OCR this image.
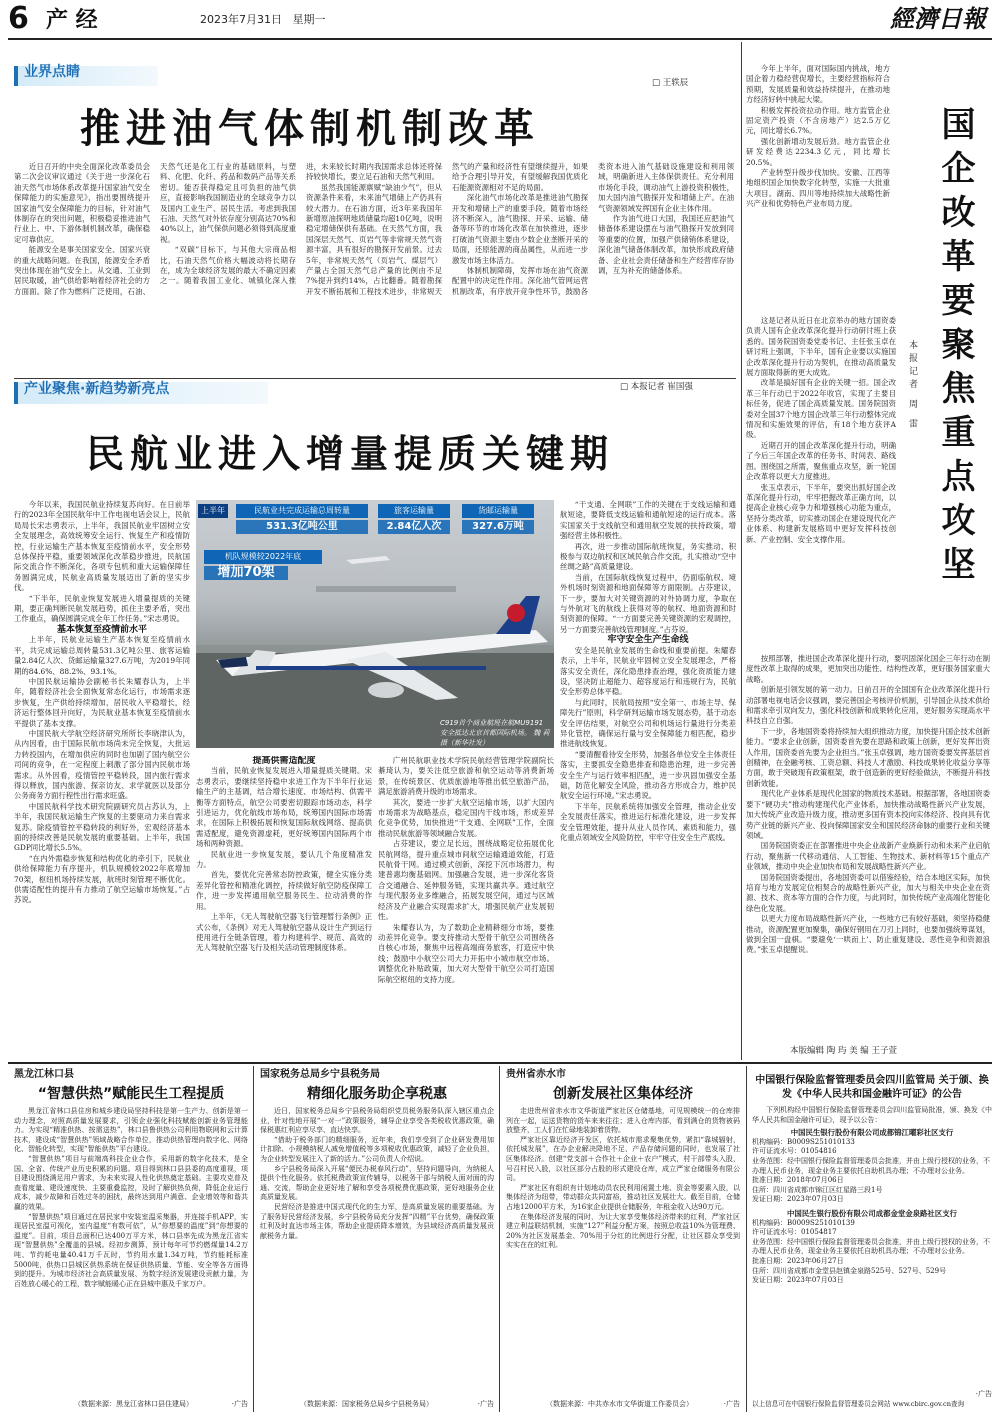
6 产 经	2023年7月31日 星期一	經濟日報
业界点睛
□ 王轶辰
推进油气体制机制改革

近日召开的中央全面深化改革委员会第二次会议审议通过《关于进一步深化石油天然气市场体系改革提升国家油气安全保障能力的实施意见》，指出要围绕提升国家油气安全保障能力的目标，针对油气体制存在的突出问题，积极稳妥推进油气行业上、中、下游体制机制改革，确保稳定可靠供应。

能源安全是事关国家安全、国家兴衰的重大战略问题。在我国，能源安全矛盾突出体现在油气安全上。从交通、工业到居民取暖，油气供给影响着经济社会的方方面面。除了作为燃料广泛使用，石油、天然气还是化工行业的基础原料，与塑料、化肥、化纤、药品和数码产品等关系密切。能否获得稳定且可负担的油气供应，直接影响我国制造业的全球竞争力以及国内工业生产、居民生活。考虑到我国石油、天然气对外依存度分别高达70%和40%以上，油气保供问题必须得到高度重视。

“双碳”目标下，与其他大宗商品相比，石油天然气价格大幅波动将长期存在，成为全球经济发展的最大不确定因素之一。随着我国工业化、城镇化深入推进，未来较长时期内我国需求总体还将保持较快增长，要立足石油和天然气利用。

虽然我国能源禀赋“缺油少气”，但从资源条件来看，未来油气增储上产仍具有较大潜力。在石油方面，近3年来我国年新增原油探明地质储量均超10亿吨，说明稳定增储保供有基础。在天然气方面，我国深层天然气、页岩气等非常规天然气资源丰富，具有很好的勘探开发前景。过去5年，非常规天然气（页岩气、煤层气）产量占全国天然气总产量的比例由不足7%提升到约14%，占比翻番。随着勘探开发不断拓展和工程技术进步，非常规天然气的产量和经济性有望继续提升，如果给予合理引导开发，有望缓解我国优质化石能源资源相对不足的局面。

深化油气市场化改革是推进油气勘探开发和增储上产的重要手段。随着市场经济不断深入，油气勘探、开采、运输、储备等环节的市场化改革在加快推进，逐步打破油气资源主要由少数企业垄断开采的局面，还原能源的商品属性，从而进一步激发市场主体活力。

体制机制障碍，发挥市场在油气资源配置中的决定性作用。深化油气管网运营机制改革，有序放开竞争性环节，鼓励各类资本进入油气基础设施建设和利用领域，明确新进入主体保供责任。充分利用市场化手段，调动油气上游投资积极性，加大国内油气勘探开发和增储上产。在油气资源领域发挥国有企业主体作用。

作为油气进口大国，我国还应把油气储备体系建设摆在与油气勘探开发放到同等重要的位置，加强产供储销体系建设，深化油气储备体制改革，加快形成政府储备、企业社会责任储备和生产经营库存协调，互为补充的储备体系。

产业聚焦·新趋势新亮点	□ 本报记者 崔国强
民航业进入增量提质关键期
上半年	民航业共完成运输总周转量
531.3亿吨公里
旅客运输量
2.84亿人次
货邮运输量
327.6万吨
机队规模较2022年底
增加70架
C919首个商业航班在航MU9191安全抵达北京首都国际机场。 魏 莉摄（新华社发）

今年以来，我国民航业持续复苏向好。在日前举行的2023年全国民航年中工作电视电话会议上，民航局局长宋志勇表示，上半年，我国民航业牢固树立安全发展理念，高效统筹安全运行、恢复生产和疫情防控，行业运输生产基本恢复至疫情前水平，安全形势总体保持平稳，重要领域深化改革稳步推进，民航国际交流合作不断深化，各项专包机和重大运输保障任务圆满完成，民航业高质量发展迈出了新的坚实步伐。

“下半年，民航业恢复发展进入增量提质的关键期，要正确判断民航发展趋势，抓住主要矛盾，突出工作重点，确保圆满完成全年工作任务。”宋志勇说。

基本恢复至疫情前水平

上半年，民航业运输生产基本恢复至疫情前水平，共完成运输总周转量531.3亿吨公里、旅客运输量2.84亿人次、货邮运输量327.6万吨，为2019年同期的84.6%、88.2%、93.1%。

中国民航运输协会副秘书长朱耀春认为，上半年，随着经济社会全面恢复常态化运行，市场需求逐步恢复，生产供给持续增加，居民收入平稳增长，经济运行整体回升向好，为民航业基本恢复至疫情前水平提供了基本支撑。

中国民航大学航空经济研究所所长李晓津认为，从内因看，由于国际民航市场尚未完全恢复，大批运力转投国内，在增加供应的同时也加剧了国内航空公司间的竞争，在一定程度上刺激了部分国内民航市场需求。从外因看，疫情管控平稳转段，国内旅行需求得以释放，国内旅游、探亲访友、求学就医以及部分公务商务方面行程性出行需求旺盛。

中国民航科学技术研究院副研究员占苏认为，上半年，我国民航运输生产恢复的主要驱动力来自需求复苏。除疫情管控平稳转段的利好外，宏观经济基本面的持续改善是民航发展的重要基础。上半年，我国GDP同比增长5.5%。

“在内外需稳步恢复和结构优化的牵引下，民航业供给保障能力有序提升，机队规模较2022年底增加70架，枢纽机场持续发展，航班时刻管理不断优化。供需适配性的提升有力推动了航空运输市场恢复。”占苏说。

提高供需适配度

当前，民航业恢复发展进入增量提质关键期。宋志勇表示，要继续坚持稳中求进工作为下半年行业运输生产的主基调，结合增长速度、市场结构、供需平衡等方面特点，航空公司要密切跟踪市场动态，科学引进运力，优化航线市场布局，统筹国内国际市场需求，在国际上积极拓展和恢复国际航线网络、提高供需适配度，避免资源虚耗，更好统筹国内国际两个市场和两种资源。

民航业进一步恢复发展，要认几个角度精准发力。

首先，要优化完善常态防控政策，健全实施分类差异化管控和精准化调控，持续做好航空防疫保障工作，进一步发挥通用航空服务民生、拉动消费的作用。

上半年，《无人驾驶航空器飞行管理暂行条例》正式公布，《条例》对无人驾驶航空器从设计生产到运行使用进行全链条管理，着力构建科学、规范、高效的无人驾驶航空器飞行及相关活动管理制度体系。

广州民航职业技术学院民航经营管理学院副院长綦琦认为，要关注低空旅游和航空运动等消费新场景，在传统景区、优质旅游地等推出低空旅游产品，满足旅游消费升级的市场需求。

其次，要进一步扩大航空运输市场，以扩大国内市场需求为战略基点，稳定国内干线市场，形成差异化竞争优势，加快推进“干支通、全网联”工作，全面推动民航旅游等领域融合发展。

占芬建议，要立足长远，围绕战略定位拓展优化民航网络，提升重点城市间航空运输通道效能，打造民航骨干网。通过模式创新，深挖下沉市场潜力，构建普惠均衡基础网。加强融合发展，进一步深化客货合交通融合、延伸服务链，实现共赢共享。通过航空与现代服务业多维融合，拓展发展空间，通过与区域经济及产业融合实现需求扩大，增强民航产业发展韧性。

朱耀春认为，为了数助企业精耕细分市场，要推动差异化竞争。要支持推动大型骨干航空公司围绕各自核心市场，聚焦中远程高端商务旅客，打造应中快线；鼓励中小航空公司大力开拓中小城市航空市场。调整优化补贴政策，加大对大型骨干航空公司打造国际航空枢纽的支持力度。

“干支通、全网联”工作的关键在于支线运输和通航短途，要降低支线运输和通航短途的运行成本。落实国家关于支线航空和通用航空发展的扶持政策，增强经营主体积极性。

再次，进一步推动国际航班恢复，务实推动、积极参与双边航权和区域民航合作交流，扎实推动“空中丝绸之路”高质量建设。

当前，在国际航线恢复过程中，仍面临航权、境外机场时刻资源和地面保障等方面限制。占芬建议，下一步，要加大对关键资源的对外协调力度，争取在与外航对飞的航线上获得对等的航权、地面资源和时刻资源的保障。“一方面要完善关键资源的宏观调控，另一方面要完善航线管理制度。”占芬说。

牢守安全生产生命线

安全是民航业发展的生命线和重要前提。朱耀春表示，上半年，民航业牢固树立安全发展理念，严格落实安全责任，深化隐患排查治理，强化资质能力建设，坚决防止超能力、超容度运行和违规行为，民航安全形势总体平稳。

与此同时，民航局按照“安全第一、市场主导、保障先行”原则，科学研判运输市场发展态势，基于动态安全评估结果，对航空公司和机场运行量进行分类差异化管控，确保运行量与安全保障能力相匹配，稳步推进航线恢复。

“要清醒看待安全形势，加强各单位安全主体责任落实，主要抓安全隐患排查和隐患治理，进一步完善安全生产与运行效率相匹配，进一步巩固加强安全基础，防范化解安全风险，推动各方形成合力，维护民航安全运行环境。”宋志勇说。

下半年，民航系统将加强安全管理，推动企业安全发展责任落实，推进运行标准化建设，进一步发挥安全管理效能，提升从业人员作风、素质和能力，强化重点领域安全风险防控，牢牢守住安全生产底线。

今年上半年，面对国际国内挑战，地方国企着力稳经营促增长，主要经营指标符合预期，发展质量和效益持续提升，在推动地方经济好转中挑起大梁。

积极发挥投资拉动作用。地方监管企业固定资产投资（不含房地产）达2.5万亿元，同比增长6.7%。

强化创新增动发展后劲。地方监管企业研发经费达2234.3亿元，同比增长20.5%。

产业转型升级步伐加快。安徽、江西等地组织国企加快数字化转型，实施一大批重大项目。湖南、四川等地持续加大战略性新兴产业和优势特色产业布局力度。	国企改革要聚焦重点攻坚
本报记者 周 雷

这是记者从近日在北京举办的地方国资委负责人国有企业改革深化提升行动研讨班上获悉的。国务院国资委党委书记、主任张玉卓在研讨班上强调，下半年，国有企业要以实施国企改革深化提升行动为契机，在推动高质量发展方面取得新的更大成效。

改革是搞好国有企业的关键一招。国企改革三年行动已于2022年收官，实现了主要目标任务，促进了国企高质量发展。国务院国资委对全国37个地方国企改革三年行动整体完成情况和实施效果的评估，有18个地方获评A级。

近期召开的国企改革深化提升行动，明确了今后三年国企改革的任务书、时间表、路线图。围绕国之所需，聚焦重点攻坚，新一轮国企改革将以更大力度推进。

张玉卓表示，下半年，要突出抓好国企改革深化提升行动，牢牢把握改革正确方向，以提高企业核心竞争力和增强核心功能为重点，坚持分类改革，切实推动国企在建设现代化产业体系、构建新发展格局中更好发挥科技创新、产业控制、安全支撑作用。

按照部署，推进国企改革深化提升行动，要巩固深化国企三年行动在制度性改革上取得的成果，更加突出功能性、结构性改革，更好服务国家重大战略。

创新是引领发展的第一动力。日前召开的全国国有企业改革深化提升行动部署电视电话会议强调，要完善国企考核评价机制，引导国企从技术供给和需求牵引双向发力，强化科技创新和成果转化应用，更好服务实现高水平科技自立自强。

下一步，各地国资委将持续加大组织推动力度，加快提升国企技术创新能力。“要求企业创新，国资委首先要在思路和政策上创新，更好发挥出资人作用，国资委首先要为企业担当。”张玉卓强调，地方国资委要发挥基层首创精神，在金融考核、工资总额、科技人才激励、科技成果转化收益分享等方面，敢于突破现有政策框架，敢于创造新的更好经验做法，不断提升科技创新效能。

现代化产业体系是现代化国家的物质技术基础。根据部署，各地国资委要下“硬功夫”推动构建现代化产业体系，加快推动战略性新兴产业发展，加大传统产业改造升级力度，推动更多国有资本投向实体经济、投向具有优势产业链的新兴产业、投向保障国家安全和国民经济命脉的重要行业和关键领域。

国务院国资委正在部署推进中央企业战新产业焕新行动和未来产业启航行动，聚焦新一代移动通信、人工智能、生物技术、新材料等15个重点产业领域，推动中央企业加快布局和发展战略性新兴产业。

国务院国资委提出，各地国资委可以借鉴经验，结合本地区实际，加快培育与地方发展定位相契合的战略性新兴产业，加大与相关中央企业在资源、技术、资本等方面的合作力度，与此同时，加快传统产业高端化智能化绿色化发展。

以更大力度布局战略性新兴产业，一些地方已有较好基础，须坚持稳健推动，资源配置更加聚集，确保好钢用在刀刃上同时，也要加强统筹谋划，做到全国一盘棋。“要避免‘一哄而上’、防止重复建设、恶性竞争和资源浪费。”张玉卓提醒说。

本版编辑 陶 玙 美 编 王子萱
黑龙江林口县
“智慧供热”赋能民生工程提质

黑龙江省林口县住房和城乡建设局坚持科技是第一生产力、创新是第一动力理念，对照高质量发展要求，引领企业强化科技赋能创新业务管理能力。为实现“精准供热、按需送热”，林口县鲁供热公司利用物联网和云计算技术，建设成“智慧供热”领域战略合作单位，推动供热管理向数字化、网络化、智能化转型，实现“智能供热”平台建设。

“智慧供热”项目与前端高科技企业合作，采用新的数字化技术，是全国、全省、传统产业历史积累的问题。项目得到林口县县委的高度重视，项目建设围绕满足用户需求，为未来实现人性化供热奠定基础。主要攻克普及查看度量、建设速度快、主要重叠监控，及时了解供热负荷，降低企业运行成本，减少故障和百姓过冬的困扰，最终达到用户满意、企业增效等和谐共赢的效果。

“智慧供热”项目通过在居民家中安装室温采集器，并连接手机APP，实现居民室温可视化，室内温度“有数可依”，从“你想要的温度”到“你想要的温度”。目前，项目总面积已达400万平方米，林口县率先成为黑龙江省实现“智慧供热”全覆盖的县城。经初步测算，预计每年可节约燃煤量14.2万吨、节约耗电量40.41万千瓦时，节约用水量1.34万吨，节约能耗标准5000吨，供热口县城区供热系统在保证供热质量、节能、安全等各方面得到的提升。为城市经济社会高质量发展、为数字经济发展建设贡献力量，为百姓放心暖心的工程，数字赋能暖心正在县城中惠及千家万户。

（数据来源：黑龙江省林口县住建局）	·广告
国家税务总局乡宁县税务局
精细化服务助企享税惠

近日，国家税务总局乡宁县税务局组织党员税务服务队深入辖区重点企业，针对性地开展“一对一”政策服务，辅导企业享受各类税收优惠政策，确保税惠红利应享尽享、直达快享。

“借助于税务部门的精细服务，近年来，我们享受到了企业研发费用加计扣除、小规模纳税人减免增值税等多项税收优惠政策，减轻了企业负担，为企业转型发展注入了新的活力。”公司负责人介绍说。

乡宁县税务局深入开展“便民办税春风行动”，坚持问题导向，为纳税人提供个性化服务。依托税费政策宣传辅导，以税务干部与纳税人面对面的沟通、交流，帮助企业更好地了解和享受各项税费优惠政策，更好地服务企业高质量发展。

民营经济是推进中国式现代化的生力军，是高质量发展的重要基础。为了服务好民营经济发展，乡宁县税务局充分发挥“四精”平台优势，确保政策红利及时直达市场主体，帮助企业提质降本增效，为县域经济高质量发展贡献税务力量。

（数据来源：国家税务总局乡宁县税务局）	·广告
贵州省赤水市
创新发展社区集体经济

走进贵州省赤水市文华街道严家社区仓储基地，可见规模统一的仓库排列在一起，运送货物的货车来来往往；进入仓库内部，看到满仓的货物被码放整齐，工人们在忙碌地装卸着货物。

严家社区靠近经济开发区，依托城市需求聚集优势，紧扣“靠城辐射，依托城发展”，在办企业解决降地不足、产品存储问题的同时，也发展了社区集体经济。创建“党支部＋合作社＋企业＋农户”模式，村干部带头入股，号召村民入股，以社区部分占股的形式建设仓库，成立严家仓储服务有限公司。

严家社区有组织有计划地动员农民利用闲置土地、资金等要素入股，以集体经济为纽带，带动群众共同富裕，推动社区发展壮大。截至目前，仓储占地12000平方米，为16家企业提供仓储服务，年租金收入达90万元。

在集体经济发展的同时，为让大家享受集体经济带来的红利，严家社区建立利益联结机制，实施“127”利益分配方案，按照总收益10%为管理费、20%为社区发展基金、70%用于分红的比例进行分配，让社区群众享受到实实在在的红利。

（数据来源：中共赤水市文华街道工作委员会）	·广告
中国银行保险监督管理委员会四川监管局 关于颁、换发《中华人民共和国金融许可证》的公告
下列机构经中国银行保险监督管理委员会四川监管局批准，颁、换发《中华人民共和国金融许可证》，现予以公告：
中国民生银行股份有限公司成都锦江曜彩社区支行
机构编码：B0009S251010133
许可证流水号：01054816
业务范围：经中国银行保险监督管理委员会批准，并由上级行授权的业务，不办理人民币业务，现金业务主要依托自助机具办理；不办理对公业务。
批准日期：2018年07月06日
住所：四川省成都市锦江区红星路三段1号
发证日期：2023年07月03日
中国民生银行股份有限公司成都金堂金泉路社区支行
机构编码：B0009S251010139
许可证流水号：01054817
业务范围：经中国银行保险监督管理委员会批准，并由上级行授权的业务，不办理人民币业务，现金业务主要依托自助机具办理；不办理对公业务。
批准日期：2023年06月27日
住所：四川省成都市金堂县赵镇金泉路525号、527号、529号
发证日期：2023年07月03日
以上信息可在中国银行保险监督管理委员会网站 www.cbirc.gov.cn查询
·广告
